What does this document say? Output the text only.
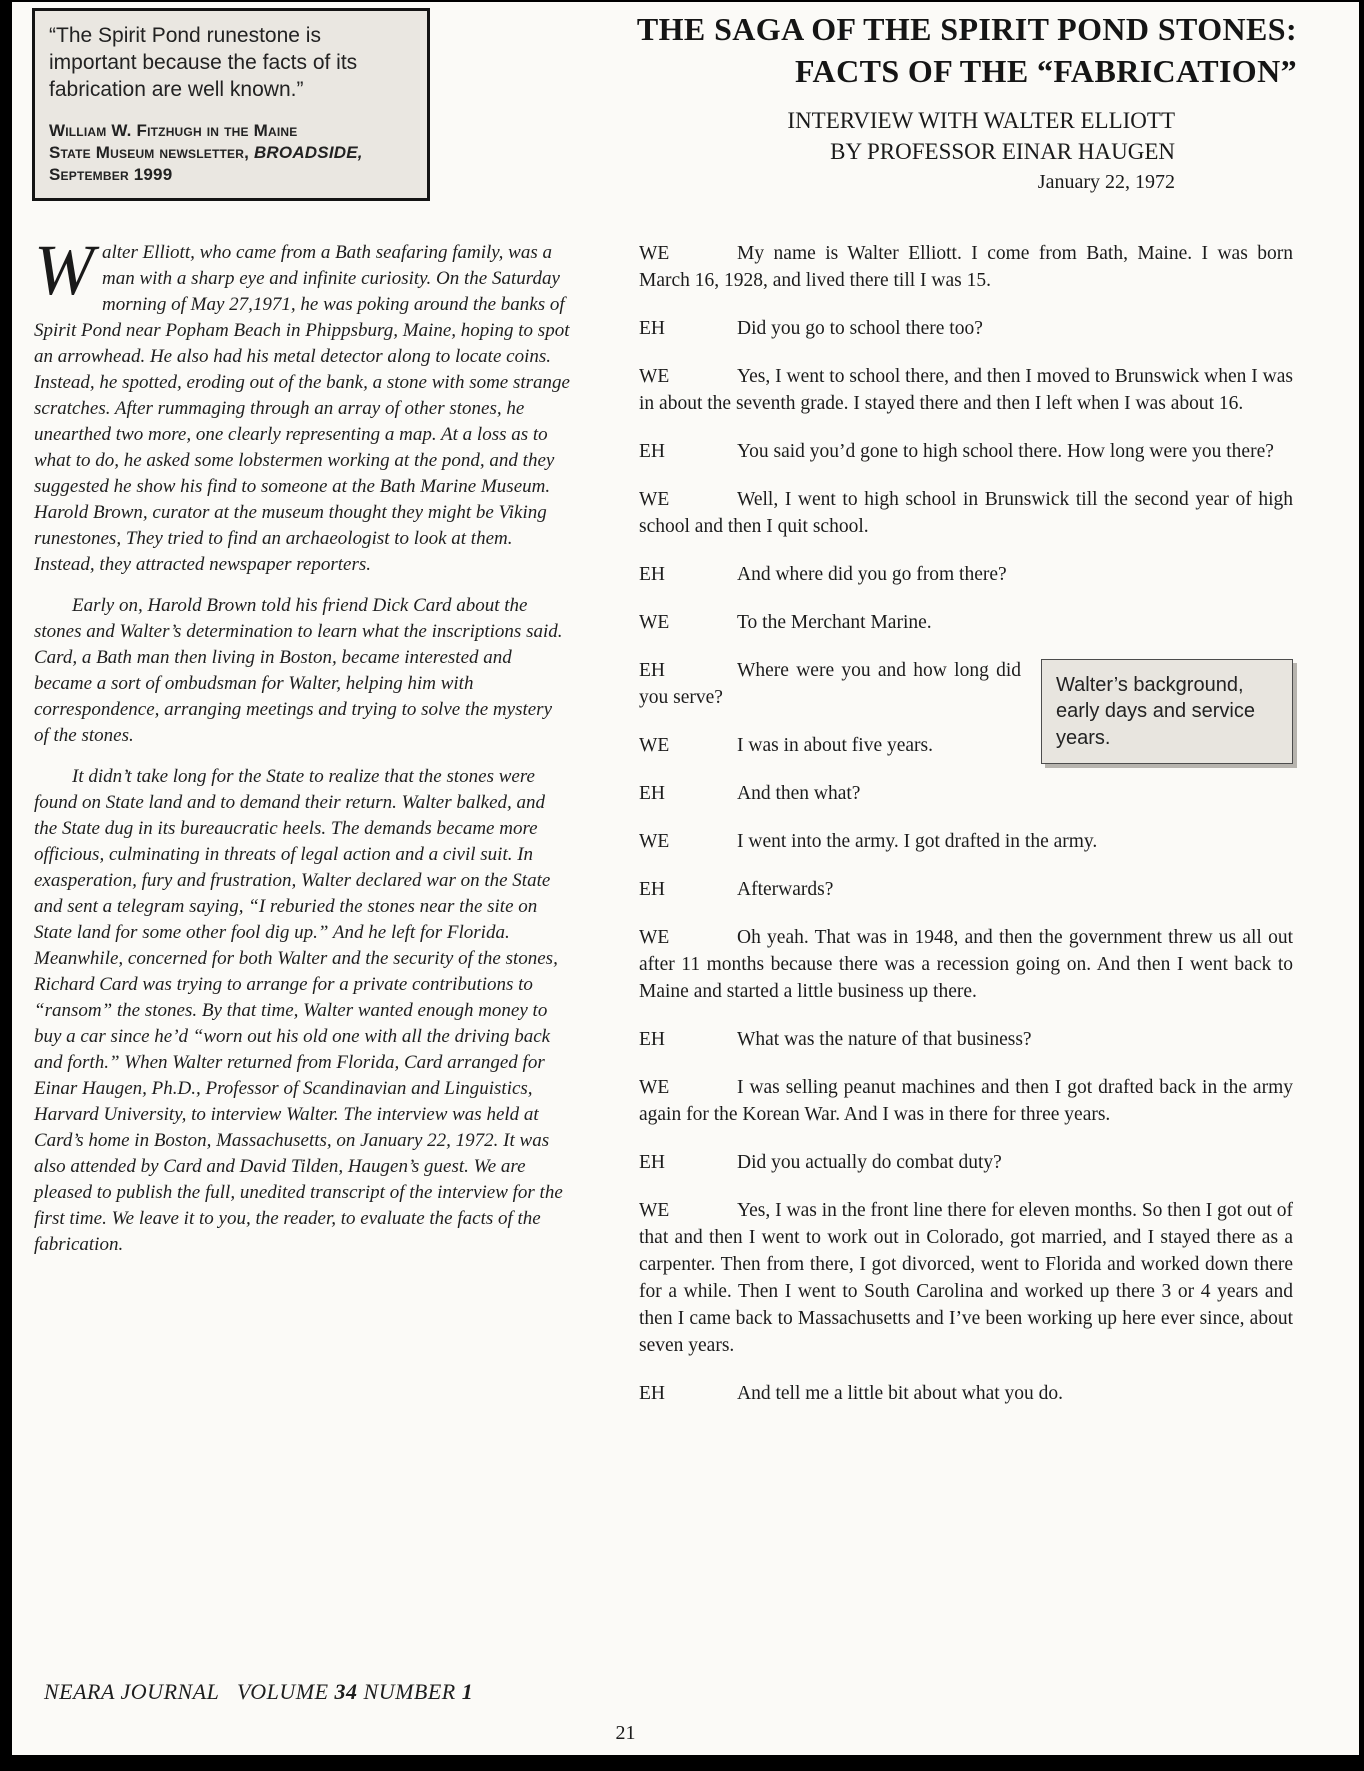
“The Spirit Pond runestone is important because the facts of its fabrication are well known.”

William W. Fitzhugh in the Maine
State Museum newsletter, BROADSIDE,
September 1999

THE SAGA OF THE SPIRIT POND STONES:
FACTS OF THE “FABRICATION”
INTERVIEW WITH WALTER ELLIOTT
BY PROFESSOR EINAR HAUGEN
January 22, 1972

Walter Elliott, who came from a Bath seafaring family, was a man with a sharp eye and infinite curiosity. On the Saturday morning of May 27,1971, he was poking around the banks of Spirit Pond near Popham Beach in Phippsburg, Maine, hoping to spot an arrowhead. He also had his metal detector along to locate coins. Instead, he spotted, eroding out of the bank, a stone with some strange scratches. After rummaging through an array of other stones, he unearthed two more, one clearly representing a map. At a loss as to what to do, he asked some lobstermen working at the pond, and they suggested he show his find to someone at the Bath Marine Museum. Harold Brown, curator at the museum thought they might be Viking runestones, They tried to find an archaeologist to look at them. Instead, they attracted newspaper reporters.

Early on, Harold Brown told his friend Dick Card about the stones and Walter’s determination to learn what the inscriptions said. Card, a Bath man then living in Boston, became interested and became a sort of ombudsman for Walter, helping him with correspondence, arranging meetings and trying to solve the mystery of the stones.

It didn’t take long for the State to realize that the stones were found on State land and to demand their return. Walter balked, and the State dug in its bureaucratic heels. The demands became more officious, culminating in threats of legal action and a civil suit. In exasperation, fury and frustration, Walter declared war on the State and sent a telegram saying, “I reburied the stones near the site on State land for some other fool dig up.” And he left for Florida. Meanwhile, concerned for both Walter and the security of the stones, Richard Card was trying to arrange for a private contributions to “ransom” the stones. By that time, Walter wanted enough money to buy a car since he’d “worn out his old one with all the driving back and forth.” When Walter returned from Florida, Card arranged for Einar Haugen, Ph.D., Professor of Scandinavian and Linguistics, Harvard University, to interview Walter. The interview was held at Card’s home in Boston, Massachusetts, on January 22, 1972. It was also attended by Card and David Tilden, Haugen’s guest. We are pleased to publish the full, unedited transcript of the interview for the first time. We leave it to you, the reader, to evaluate the facts of the fabrication.

WE	My name is Walter Elliott. I come from Bath, Maine. I was born March 16, 1928, and lived there till I was 15.

EH	Did you go to school there too?

WE	Yes, I went to school there, and then I moved to Brunswick when I was in about the seventh grade. I stayed there and then I left when I was about 16.

EH	You said you’d gone to high school there. How long were you there?

WE	Well, I went to high school in Brunswick till the second year of high school and then I quit school.

EH	And where did you go from there?

WE	To the Merchant Marine.

Walter’s background, early days and service years.

EH	Where were you and how long did you serve?

WE	I was in about five years.

EH	And then what?

WE	I went into the army. I got drafted in the army.

EH	Afterwards?

WE	Oh yeah. That was in 1948, and then the government threw us all out after 11 months because there was a recession going on. And then I went back to Maine and started a little business up there.

EH	What was the nature of that business?

WE	I was selling peanut machines and then I got drafted back in the army again for the Korean War. And I was in there for three years.

EH	Did you actually do combat duty?

WE	Yes, I was in the front line there for eleven months. So then I got out of that and then I went to work out in Colorado, got married, and I stayed there as a carpenter. Then from there, I got divorced, went to Florida and worked down there for a while. Then I went to South Carolina and worked up there 3 or 4 years and then I came back to Massachusetts and I’ve been working up here ever since, about seven years.

EH	And tell me a little bit about what you do.

NEARA JOURNAL   VOLUME 34 NUMBER 1
21
